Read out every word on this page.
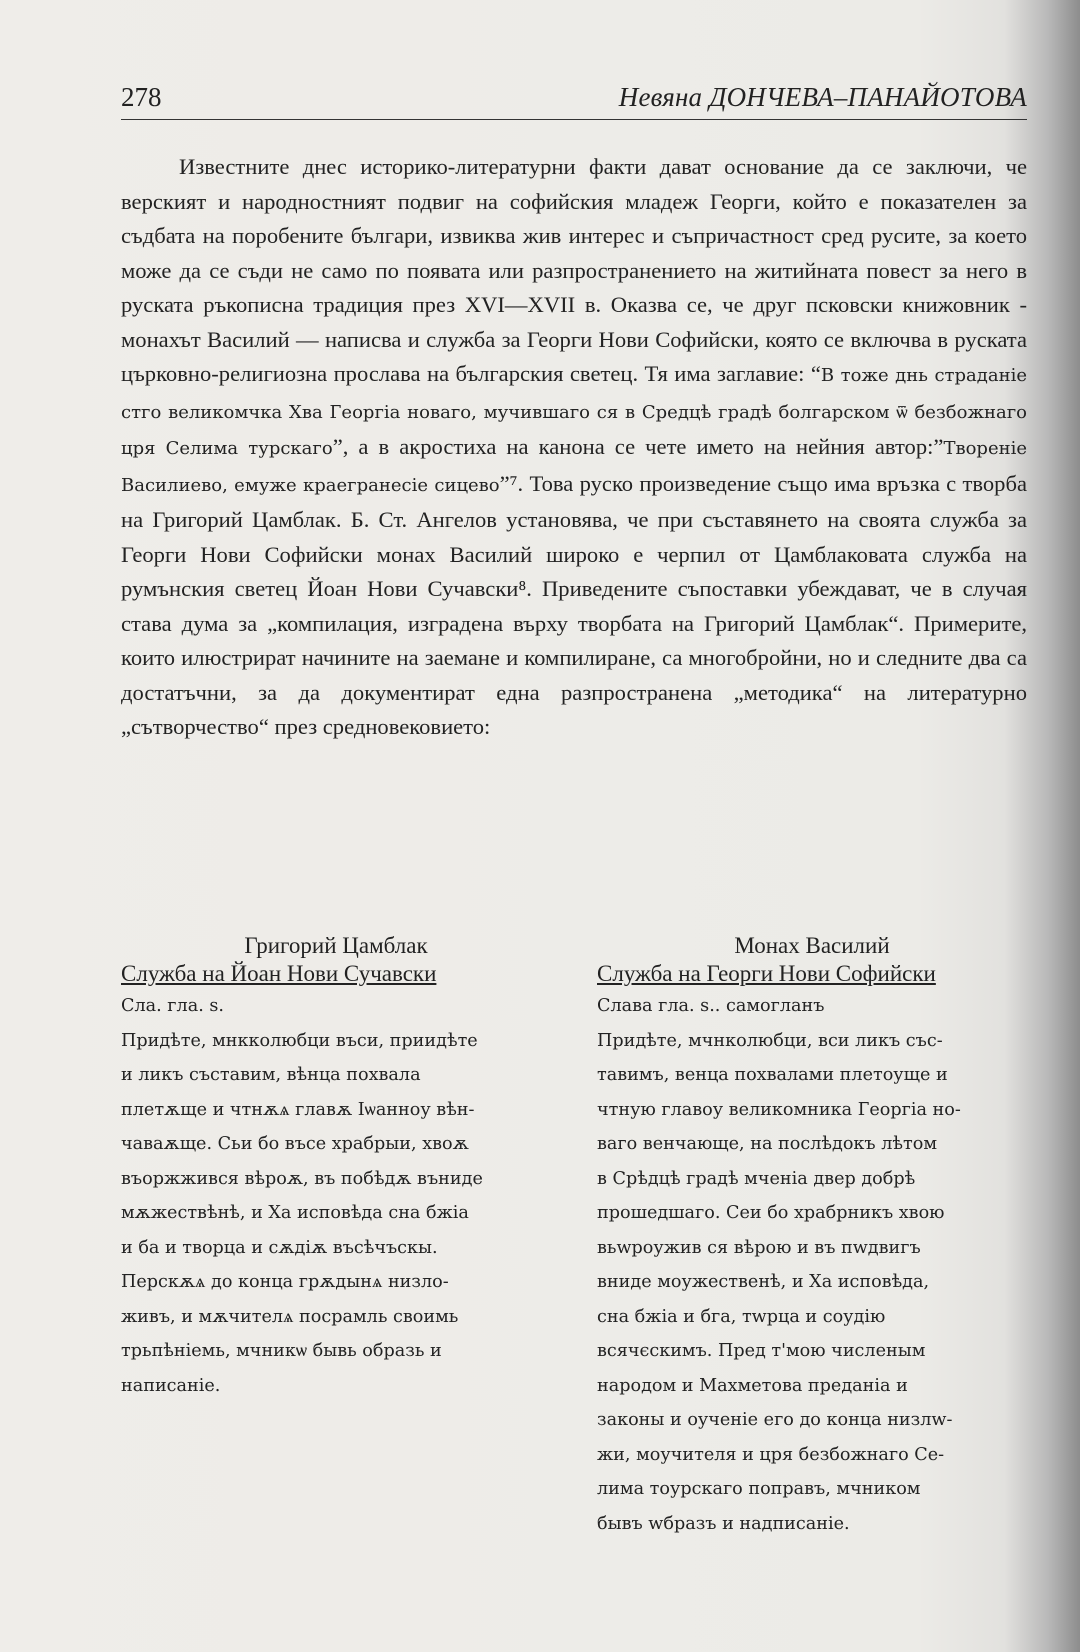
278	Невяна ДОНЧЕВА–ПАНАЙОТОВА

Известните днес историко-литературни факти дават основание да се заключи, че верският и народностният подвиг на софийския младеж Георги, който е показателен за съдбата на поробените българи, извиква жив интерес и съпричастност сред русите, за което може да се съди не само по появата или разпространението на житийната повест за него в руската ръкописна традиция през XVI—XVII в. Оказва се, че друг псковски книжовник - монахът Василий — написва и служба за Георги Нови Софийски, която се включва в руската църковно-религиозна прослава на българския светец. Тя има заглавие: “В тоже днь страданіе стго великомчка Хва Георгіа новаго, мучившаго ся в Средцѣ градѣ болгарском ѿ безбожнаго цря Селима турскаго”, а в акростиха на канона се чете името на нейния автор:”Твореніе Василиево, емуже краегранесіе сицево”⁷. Това руско произведение също има връзка с творба на Григорий Цамблак. Б. Ст. Ангелов установява, че при съставянето на своята служба за Георги Нови Софийски монах Василий широко е черпил от Цамблаковата служба на румънския светец Йоан Нови Сучавски⁸. Приведените съпоставки убеждават, че в случая става дума за „компилация, изградена върху творбата на Григорий Цамблак“. Примерите, които илюстрират начините на заемане и компилиране, са многобройни, но и следните два са достатъчни, за да документират една разпространена „методика“ на литературно „сътворчество“ през средновековието:

Григорий Цамблак
Служба на Йоан Нови Сучавски
Сла. гла. ѕ.
Придѣте, мнкколюбци въси, приидѣте
и ликъ съставим, вѣнца похвала
плетѫще и чтнѫѧ главѫ Іѡанноу вѣн-
чаваѫще. Сьи бо въсе храбрыи, хвоѫ
въоржжився вѣроѫ, въ побѣдѫ въниде
мѫжествѣнѣ, и Ха исповѣда сна бжіа
и ба и творца и сѫдіѫ въсѣчъскы.
Перскѫѧ до конца грѫдынѧ низло-
живъ, и мѫчителѧ посрамль своимь
трьпѣніемь, мчникѡ бывь образь и
написаніе.
Монах Василий
Служба на Георги Нови Софийски
Слава гла. ѕ.. самогланъ
Придѣте, мчнколюбци, вси ликъ със-
тавимъ, венца похвалами плетоуще и
чтную главоу великомника Георгіа но-
ваго венчающе, на послѣдокъ лѣтом
в Срѣдцѣ градѣ мченіа двер добрѣ
прошедшаго. Сеи бо храбрникъ хвою
вьwроужив ся вѣрою и въ пwдвигъ
вниде моужественѣ, и Ха исповѣда,
сна бжіа и бга, тwрца и соудію
всячєскимъ. Пред т'мою численым
народом и Махметова преданіа и
законы и оученіе его до конца низлw-
жи, моучителя и цря безбожнаго Се-
лима тоурскаго поправъ, мчником
бывъ wбразъ и надписаніе.
